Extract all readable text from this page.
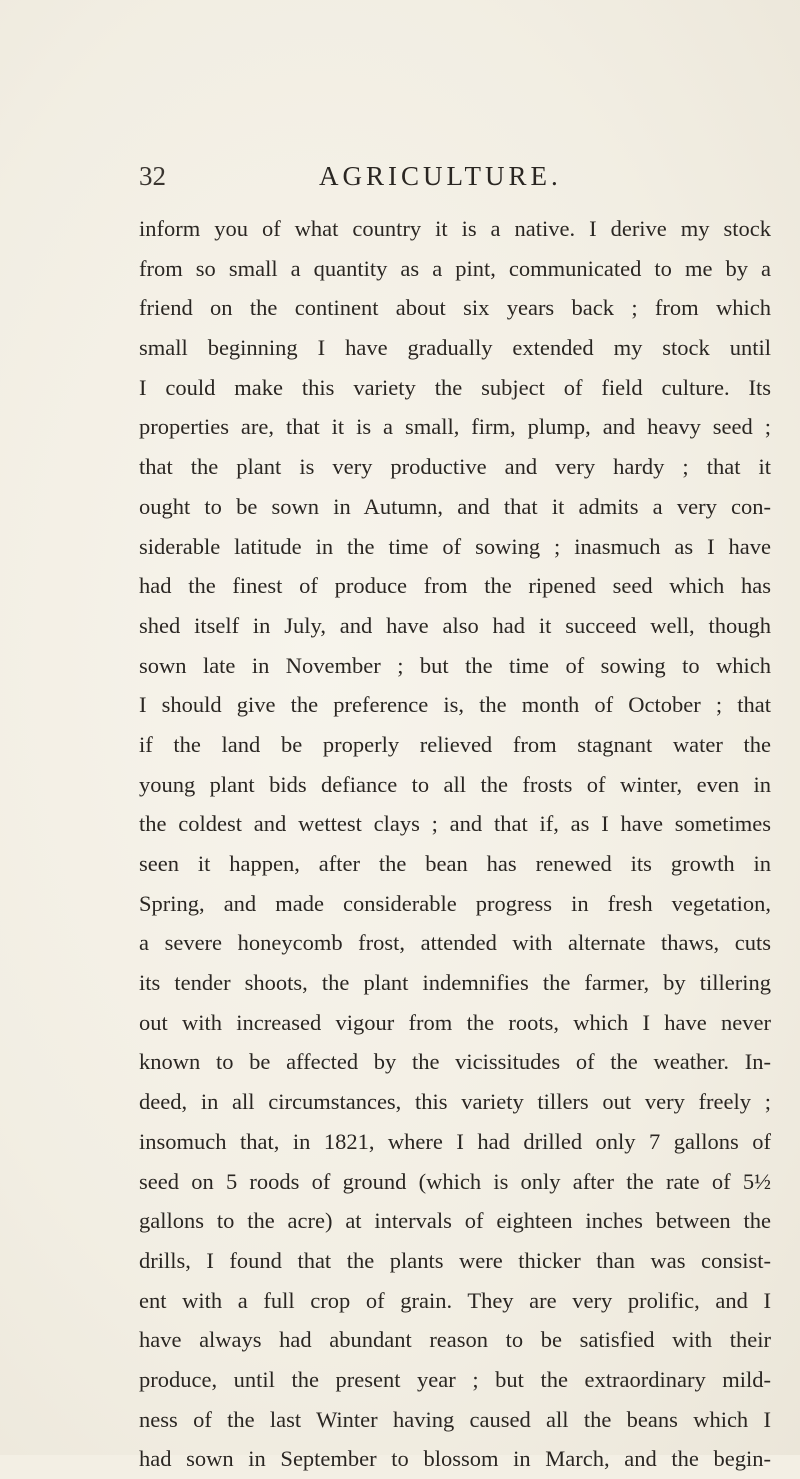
32	AGRICULTURE.
inform you of what country it is a native. I derive my stock
from so small a quantity as a pint, communicated to me by a
friend on the continent about six years back ; from which
small beginning I have gradually extended my stock until
I could make this variety the subject of field culture. Its
properties are, that it is a small, firm, plump, and heavy seed ;
that the plant is very productive and very hardy ; that it
ought to be sown in Autumn, and that it admits a very con-
siderable latitude in the time of sowing ; inasmuch as I have
had the finest of produce from the ripened seed which has
shed itself in July, and have also had it succeed well, though
sown late in November ; but the time of sowing to which
I should give the preference is, the month of October ; that
if the land be properly relieved from stagnant water the
young plant bids defiance to all the frosts of winter, even in
the coldest and wettest clays ; and that if, as I have sometimes
seen it happen, after the bean has renewed its growth in
Spring, and made considerable progress in fresh vegetation,
a severe honeycomb frost, attended with alternate thaws, cuts
its tender shoots, the plant indemnifies the farmer, by tillering
out with increased vigour from the roots, which I have never
known to be affected by the vicissitudes of the weather. In-
deed, in all circumstances, this variety tillers out very freely ;
insomuch that, in 1821, where I had drilled only 7 gallons of
seed on 5 roods of ground (which is only after the rate of 5½
gallons to the acre) at intervals of eighteen inches between the
drills, I found that the plants were thicker than was consist-
ent with a full crop of grain. They are very prolific, and I
have always had abundant reason to be satisfied with their
produce, until the present year ; but the extraordinary mild-
ness of the last Winter having caused all the beans which I
had sown in September to blossom in March, and the begin-
